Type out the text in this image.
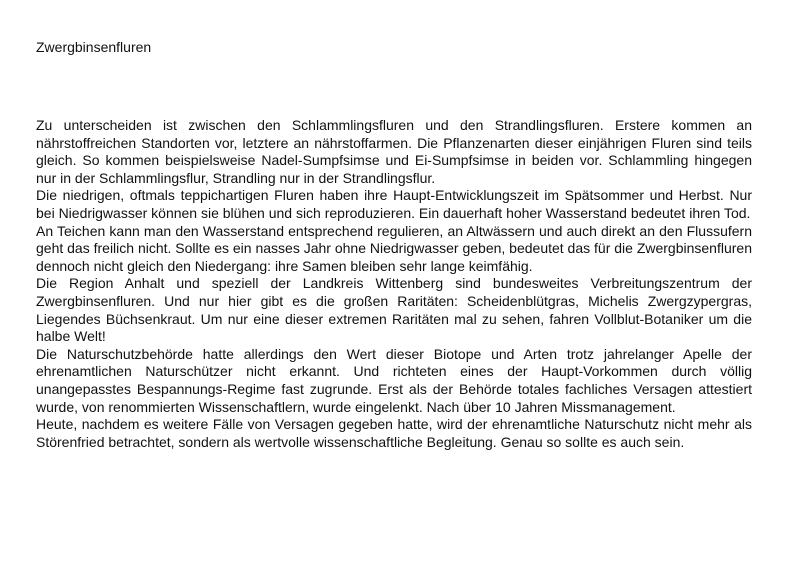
Zwergbinsenfluren

Zu unterscheiden ist zwischen den Schlammlingsfluren und den Strandlingsfluren. Erstere kommen an nährstoffreichen Standorten vor, letztere an nährstoffarmen. Die Pflanzenarten dieser einjährigen Fluren sind teils gleich. So kommen beispielsweise Nadel-Sumpfsimse und Ei-Sumpfsimse in beiden vor. Schlammling hingegen nur in der Schlammlingsflur, Strandling nur in der Strandlingsflur.

Die niedrigen, oftmals teppichartigen Fluren haben ihre Haupt-Entwicklungszeit im Spätsommer und Herbst. Nur bei Niedrigwasser können sie blühen und sich reproduzieren. Ein dauerhaft hoher Wasserstand bedeutet ihren Tod.

An Teichen kann man den Wasserstand entsprechend regulieren, an Altwässern und auch direkt an den Flussufern geht das freilich nicht. Sollte es ein nasses Jahr ohne Niedrigwasser geben, bedeutet das für die Zwergbinsenfluren dennoch nicht gleich den Niedergang: ihre Samen bleiben sehr lange keimfähig.

Die Region Anhalt und speziell der Landkreis Wittenberg sind bundesweites Verbreitungszentrum der Zwergbinsenfluren. Und nur hier gibt es die großen Raritäten: Scheidenblütgras, Michelis Zwergzypergras, Liegendes Büchsenkraut. Um nur eine dieser extremen Raritäten mal zu sehen, fahren Vollblut-Botaniker um die halbe Welt!

Die Naturschutzbehörde hatte allerdings den Wert dieser Biotope und Arten trotz jahrelanger Apelle der ehrenamtlichen Naturschützer nicht erkannt. Und richteten eines der Haupt-Vorkommen durch völlig unangepasstes Bespannungs-Regime fast zugrunde. Erst als der Behörde totales fachliches Versagen attestiert wurde, von renommierten Wissenschaftlern, wurde eingelenkt. Nach über 10 Jahren Missmanagement.

Heute, nachdem es weitere Fälle von Versagen gegeben hatte, wird der ehrenamtliche Naturschutz nicht mehr als Störenfried betrachtet, sondern als wertvolle wissenschaftliche Begleitung. Genau so sollte es auch sein.
